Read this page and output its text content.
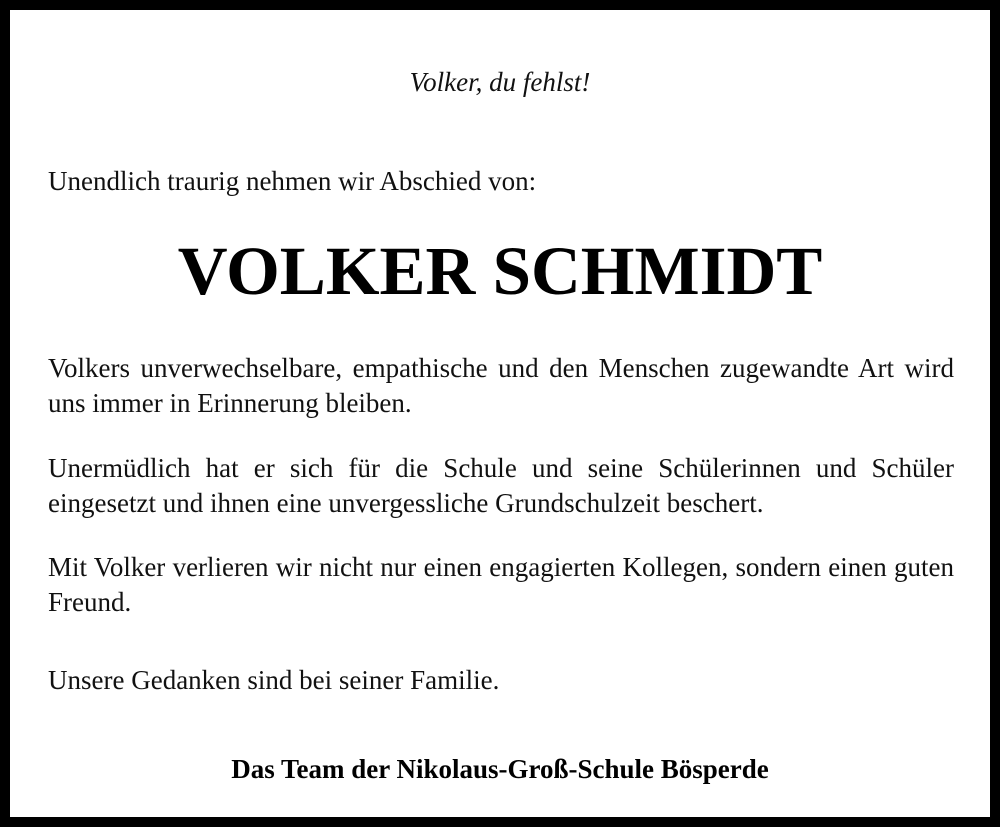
Volker, du fehlst!
Unendlich traurig nehmen wir Abschied von:
VOLKER SCHMIDT
Volkers unverwechselbare, empathische und den Menschen zugewandte Art wird uns immer in Erinnerung bleiben.
Unermüdlich hat er sich für die Schule und seine Schülerinnen und Schüler eingesetzt und ihnen eine unvergessliche Grundschulzeit beschert.
Mit Volker verlieren wir nicht nur einen engagierten Kollegen, sondern einen guten Freund.
Unsere Gedanken sind bei seiner Familie.
Das Team der Nikolaus-Groß-Schule Bösperde
